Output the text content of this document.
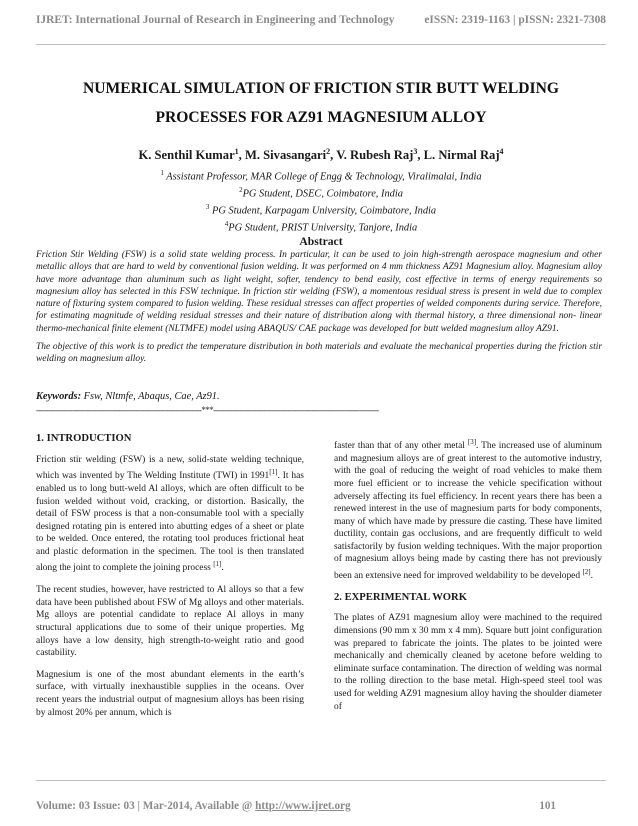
IJRET: International Journal of Research in Engineering and Technology	eISSN: 2319-1163 | pISSN: 2321-7308
NUMERICAL SIMULATION OF FRICTION STIR BUTT WELDING
PROCESSES FOR AZ91 MAGNESIUM ALLOY
K. Senthil Kumar$^1$, M. Sivasangari$^2$, V. Rubesh Raj$^3$, L. Nirmal Raj$^4$
$^1$ Assistant Professor, MAR College of Engg & Technology, Viralimalai, India
$^2$PG Student, DSEC, Coimbatore, India
$^3$ PG Student, Karpagam University, Coimbatore, India
$^4$PG Student, PRIST University, Tanjore, India
Abstract

Friction Stir Welding (FSW) is a solid state welding process. In particular, it can be used to join high-strength aerospace magnesium and other metallic alloys that are hard to weld by conventional fusion welding. It was performed on 4 mm thickness AZ91 Magnesium alloy. Magnesium alloy have more advantage than aluminum such as light weight, softer, tendency to bend easily, cost effective in terms of energy requirements so magnesium alloy has selected in this FSW technique. In friction stir welding (FSW), a momentous residual stress is present in weld due to complex nature of fixturing system compared to fusion welding. These residual stresses can affect properties of welded components during service. Therefore, for estimating magnitude of welding residual stresses and their nature of distribution along with thermal history, a three dimensional non- linear thermo-mechanical finite element (NLTMFE) model using ABAQUS/ CAE package was developed for butt welded magnesium alloy AZ91.

The objective of this work is to predict the temperature distribution in both materials and evaluate the mechanical properties during the friction stir welding on magnesium alloy.

Keywords: Fsw, Nltmfe, Abaqus, Cae, Az91.
---------------------------------------------------------------------***---------------------------------------------------------------------
1. INTRODUCTION

Friction stir welding (FSW) is a new, solid-state welding technique, which was invented by The Welding Institute (TWI) in 1991[1]. It has enabled us to long butt-weld Al alloys, which are often difficult to be fusion welded without void, cracking, or distortion. Basically, the detail of FSW process is that a non-consumable tool with a specially designed rotating pin is entered into abutting edges of a sheet or plate to be welded. Once entered, the rotating tool produces frictional heat and plastic deformation in the specimen. The tool is then translated along the joint to complete the joining process [1].

The recent studies, however, have restricted to Al alloys so that a few data have been published about FSW of Mg alloys and other materials. Mg alloys are potential candidate to replace Al alloys in many structural applications due to some of their unique properties. Mg alloys have a low density, high strength-to-weight ratio and good castability.

Magnesium is one of the most abundant elements in the earth’s surface, with virtually inexhaustible supplies in the oceans. Over recent years the industrial output of magnesium alloys has been rising by almost 20% per annum, which is

faster than that of any other metal [3]. The increased use of aluminum and magnesium alloys are of great interest to the automotive industry, with the goal of reducing the weight of road vehicles to make them more fuel efficient or to increase the vehicle specification without adversely affecting its fuel efficiency. In recent years there has been a renewed interest in the use of magnesium parts for body components, many of which have made by pressure die casting. These have limited ductility, contain gas occlusions, and are frequently difficult to weld satisfactorily by fusion welding techniques. With the major proportion of magnesium alloys being made by casting there has not previously been an extensive need for improved weldability to be developed [2].

2. EXPERIMENTAL WORK

The plates of AZ91 magnesium alloy were machined to the required dimensions (90 mm x 30 mm x 4 mm). Square butt joint configuration was prepared to fabricate the joints. The plates to be jointed were mechanically and chemically cleaned by acetone before welding to eliminate surface contamination. The direction of welding was normal to the rolling direction to the base metal. High-speed steel tool was used for welding AZ91 magnesium alloy having the shoulder diameter of

Volume: 03 Issue: 03 | Mar-2014, Available @ http://www.ijret.org	101
